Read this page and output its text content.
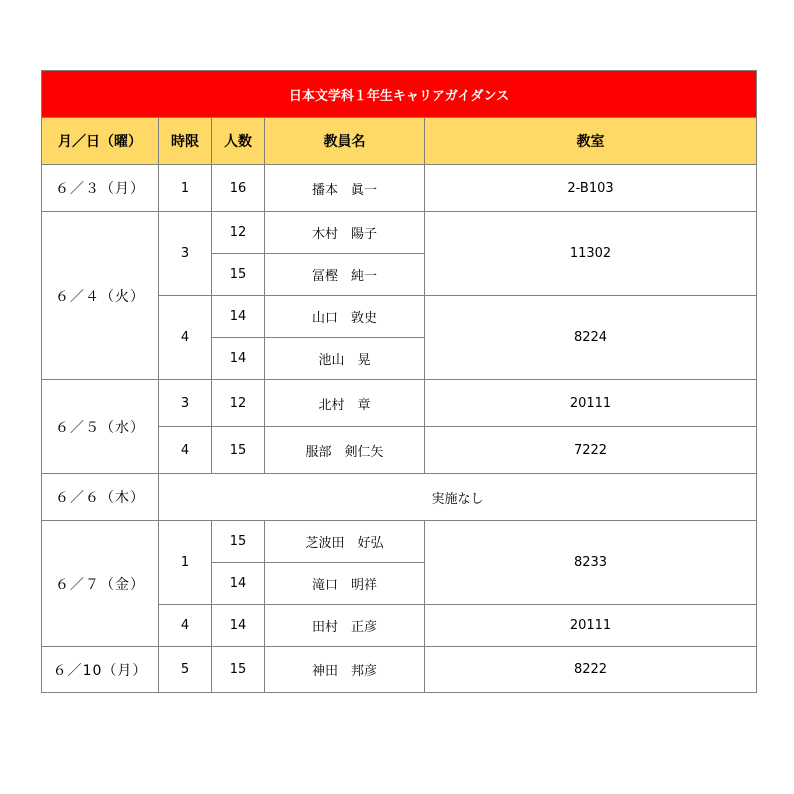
日本文学科１年生キャリアガイダンス				
月／日（曜）	時限	人数	教員名	教室
６／３（月）	1	16	播本　眞一	2-B103
６／４（火）	3	12	木村　陽子	11302
		15	冨樫　純一	
	4	14	山口　敦史	8224
		14	池山　晃	
６／５（水）	3	12	北村　章	20111
	4	15	服部　剣仁矢	7222
６／６（木）	実施なし			
６／７（金）	1	15	芝波田　好弘	8233
		14	滝口　明祥	
	4	14	田村　正彦	20111
６／10（月）	5	15	神田　邦彦	8222
